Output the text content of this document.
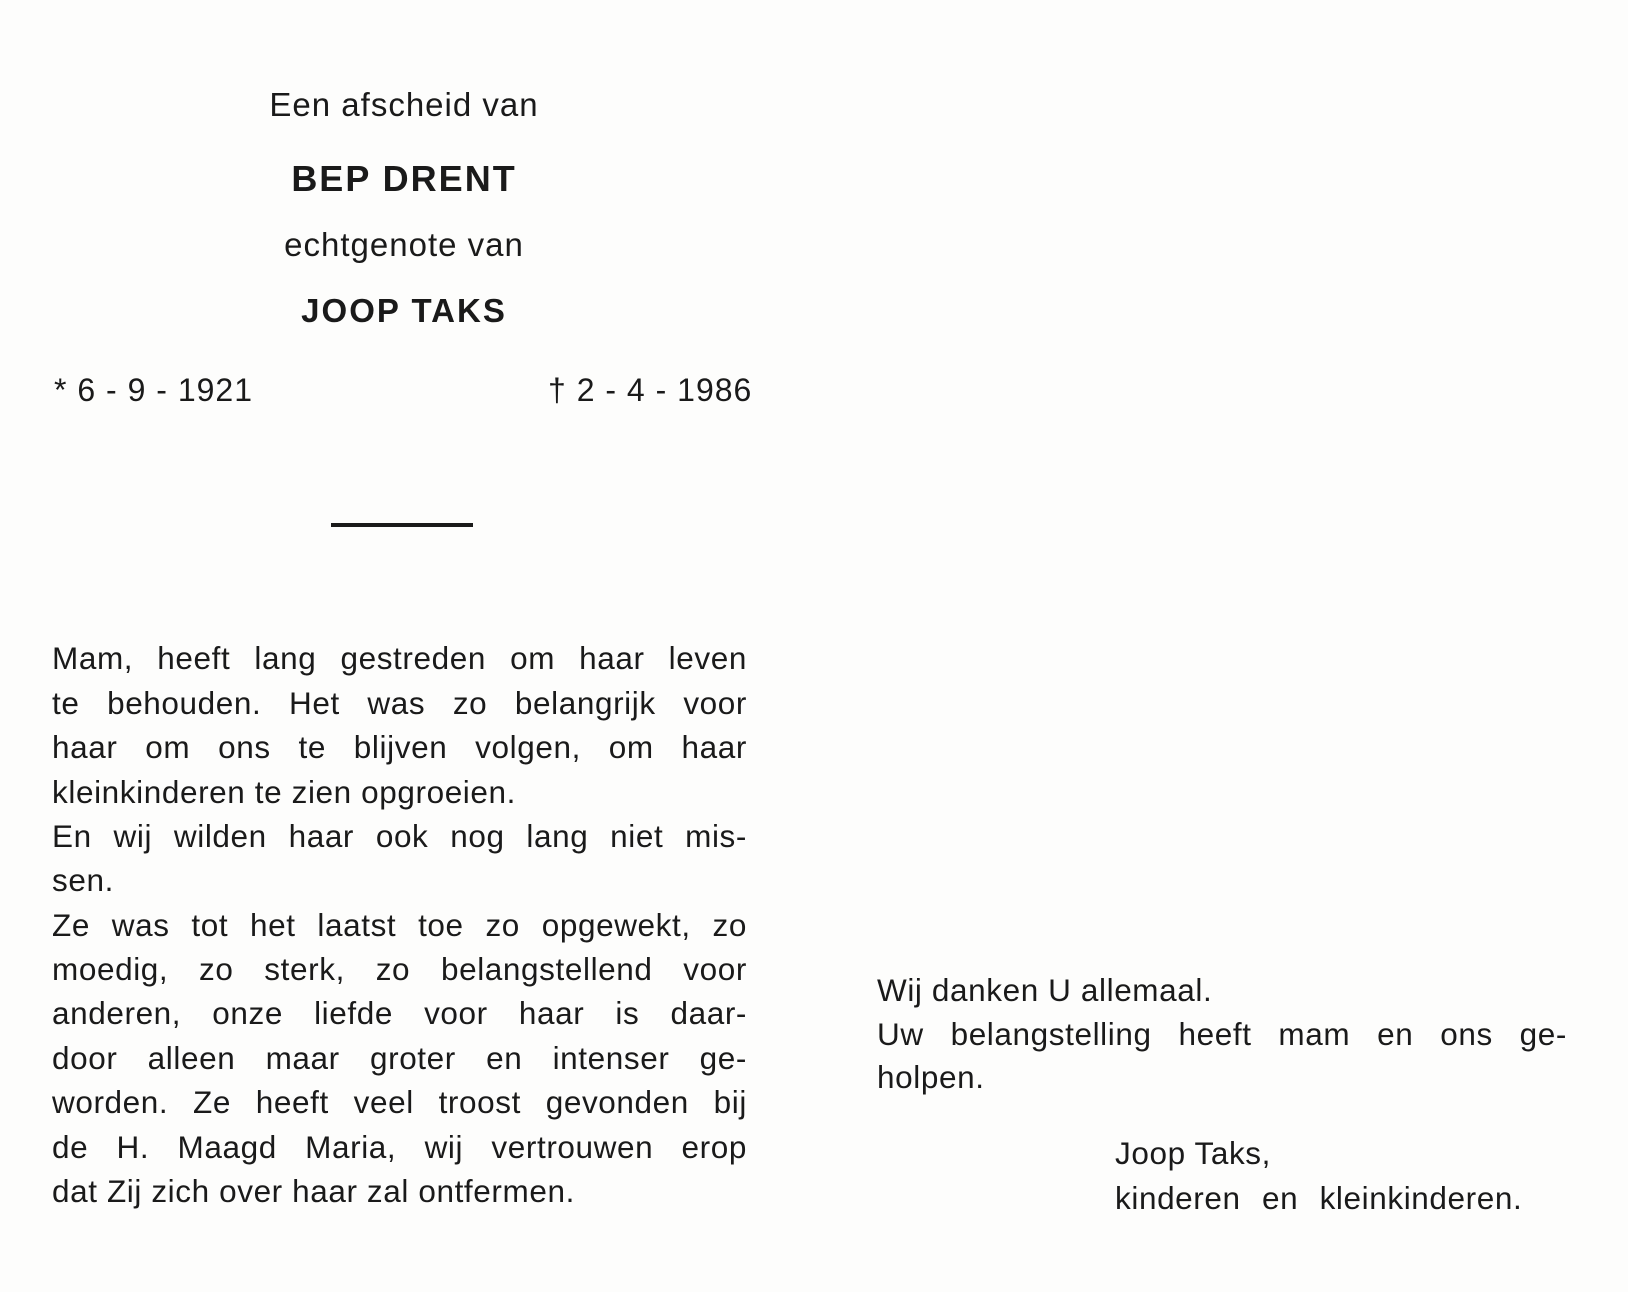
Een afscheid van
BEP DRENT
echtgenote van
JOOP TAKS
* 6 - 9 - 1921	† 2 - 4 - 1986
Mam, heeft lang gestreden om haar leven
te behouden. Het was zo belangrijk voor
haar om ons te blijven volgen, om haar
kleinkinderen te zien opgroeien.
En wij wilden haar ook nog lang niet mis-
sen.
Ze was tot het laatst toe zo opgewekt, zo
moedig, zo sterk, zo belangstellend voor
anderen, onze liefde voor haar is daar-
door alleen maar groter en intenser ge-
worden. Ze heeft veel troost gevonden bij
de H. Maagd Maria, wij vertrouwen erop
dat Zij zich over haar zal ontfermen.
Wij danken U allemaal.
Uw belangstelling heeft mam en ons ge-
holpen.
Joop Taks,
kinderen en kleinkinderen.
